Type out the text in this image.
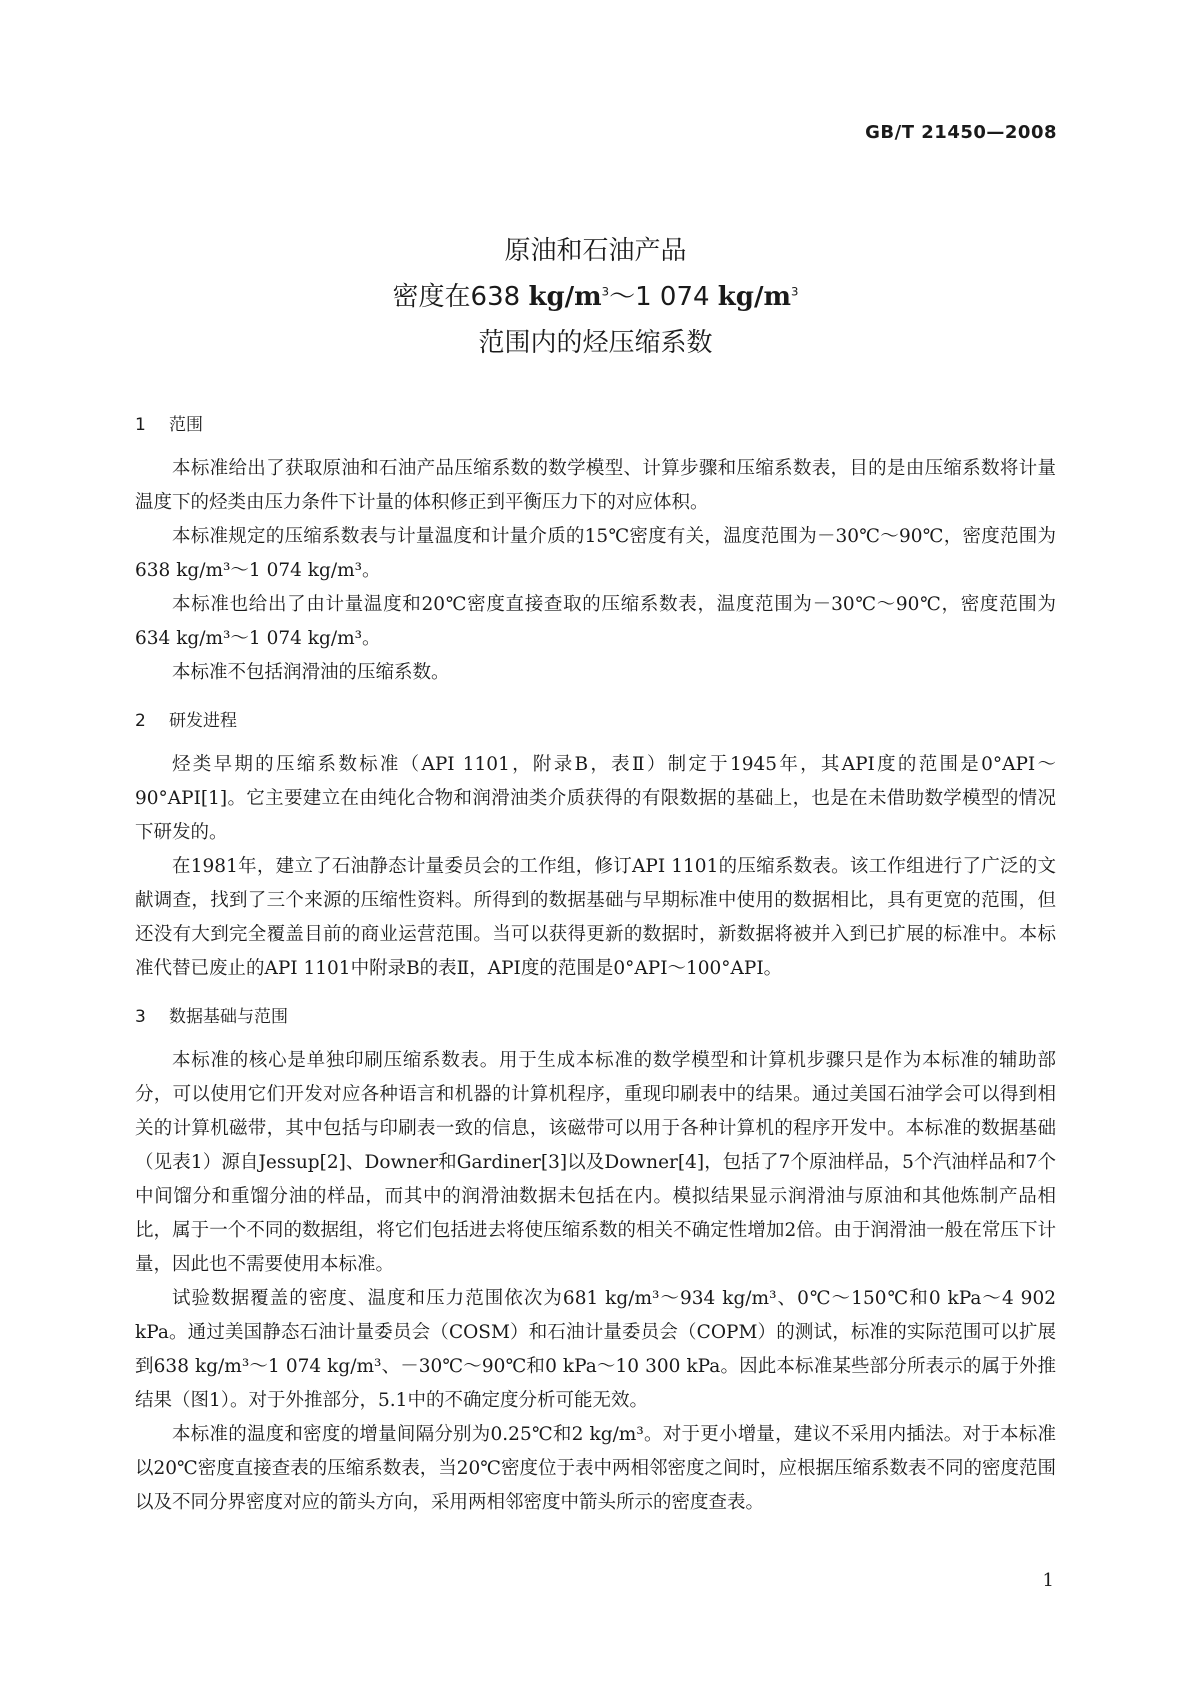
GB/T 21450—2008

原油和石油产品

密度在638 $kg/m^3\sim 1$ 074 $kg/m^3$

范围内的烃压缩系数

1 范围

本标准给出了获取原油和石油产品压缩系数的数学模型、计算步骤和压缩系数表，目的是由压缩系数将计量温度下的烃类由压力条件下计量的体积修正到平衡压力下的对应体积。

本标准规定的压缩系数表与计量温度和计量介质的15℃密度有关，温度范围为－30℃～90℃，密度范围为638 kg/m³～1 074 kg/m³。

本标准也给出了由计量温度和20℃密度直接查取的压缩系数表，温度范围为－30℃～90℃，密度范围为634 kg/m³～1 074 kg/m³。

本标准不包括润滑油的压缩系数。

2 研发进程

烃类早期的压缩系数标准（API 1101，附录B，表Ⅱ）制定于1945年，其API度的范围是0°API～90°API[1]。它主要建立在由纯化合物和润滑油类介质获得的有限数据的基础上，也是在未借助数学模型的情况下研发的。

在1981年，建立了石油静态计量委员会的工作组，修订API 1101的压缩系数表。该工作组进行了广泛的文献调查，找到了三个来源的压缩性资料。所得到的数据基础与早期标准中使用的数据相比，具有更宽的范围，但还没有大到完全覆盖目前的商业运营范围。当可以获得更新的数据时，新数据将被并入到已扩展的标准中。本标准代替已废止的API 1101中附录B的表Ⅱ，API度的范围是0°API～100°API。

3 数据基础与范围

本标准的核心是单独印刷压缩系数表。用于生成本标准的数学模型和计算机步骤只是作为本标准的辅助部分，可以使用它们开发对应各种语言和机器的计算机程序，重现印刷表中的结果。通过美国石油学会可以得到相关的计算机磁带，其中包括与印刷表一致的信息，该磁带可以用于各种计算机的程序开发中。本标准的数据基础（见表1）源自Jessup[2]、Downer和Gardiner[3]以及Downer[4]，包括了7个原油样品，5个汽油样品和7个中间馏分和重馏分油的样品，而其中的润滑油数据未包括在内。模拟结果显示润滑油与原油和其他炼制产品相比，属于一个不同的数据组，将它们包括进去将使压缩系数的相关不确定性增加2倍。由于润滑油一般在常压下计量，因此也不需要使用本标准。

试验数据覆盖的密度、温度和压力范围依次为681 kg/m³～934 kg/m³、0℃～150℃和0 kPa～4 902 kPa。通过美国静态石油计量委员会（COSM）和石油计量委员会（COPM）的测试，标准的实际范围可以扩展到638 kg/m³～1 074 kg/m³、－30℃～90℃和0 kPa～10 300 kPa。因此本标准某些部分所表示的属于外推结果（图1）。对于外推部分，5.1中的不确定度分析可能无效。

本标准的温度和密度的增量间隔分别为0.25℃和2 kg/m³。对于更小增量，建议不采用内插法。对于本标准以20℃密度直接查表的压缩系数表，当20℃密度位于表中两相邻密度之间时，应根据压缩系数表不同的密度范围以及不同分界密度对应的箭头方向，采用两相邻密度中箭头所示的密度查表。

1
